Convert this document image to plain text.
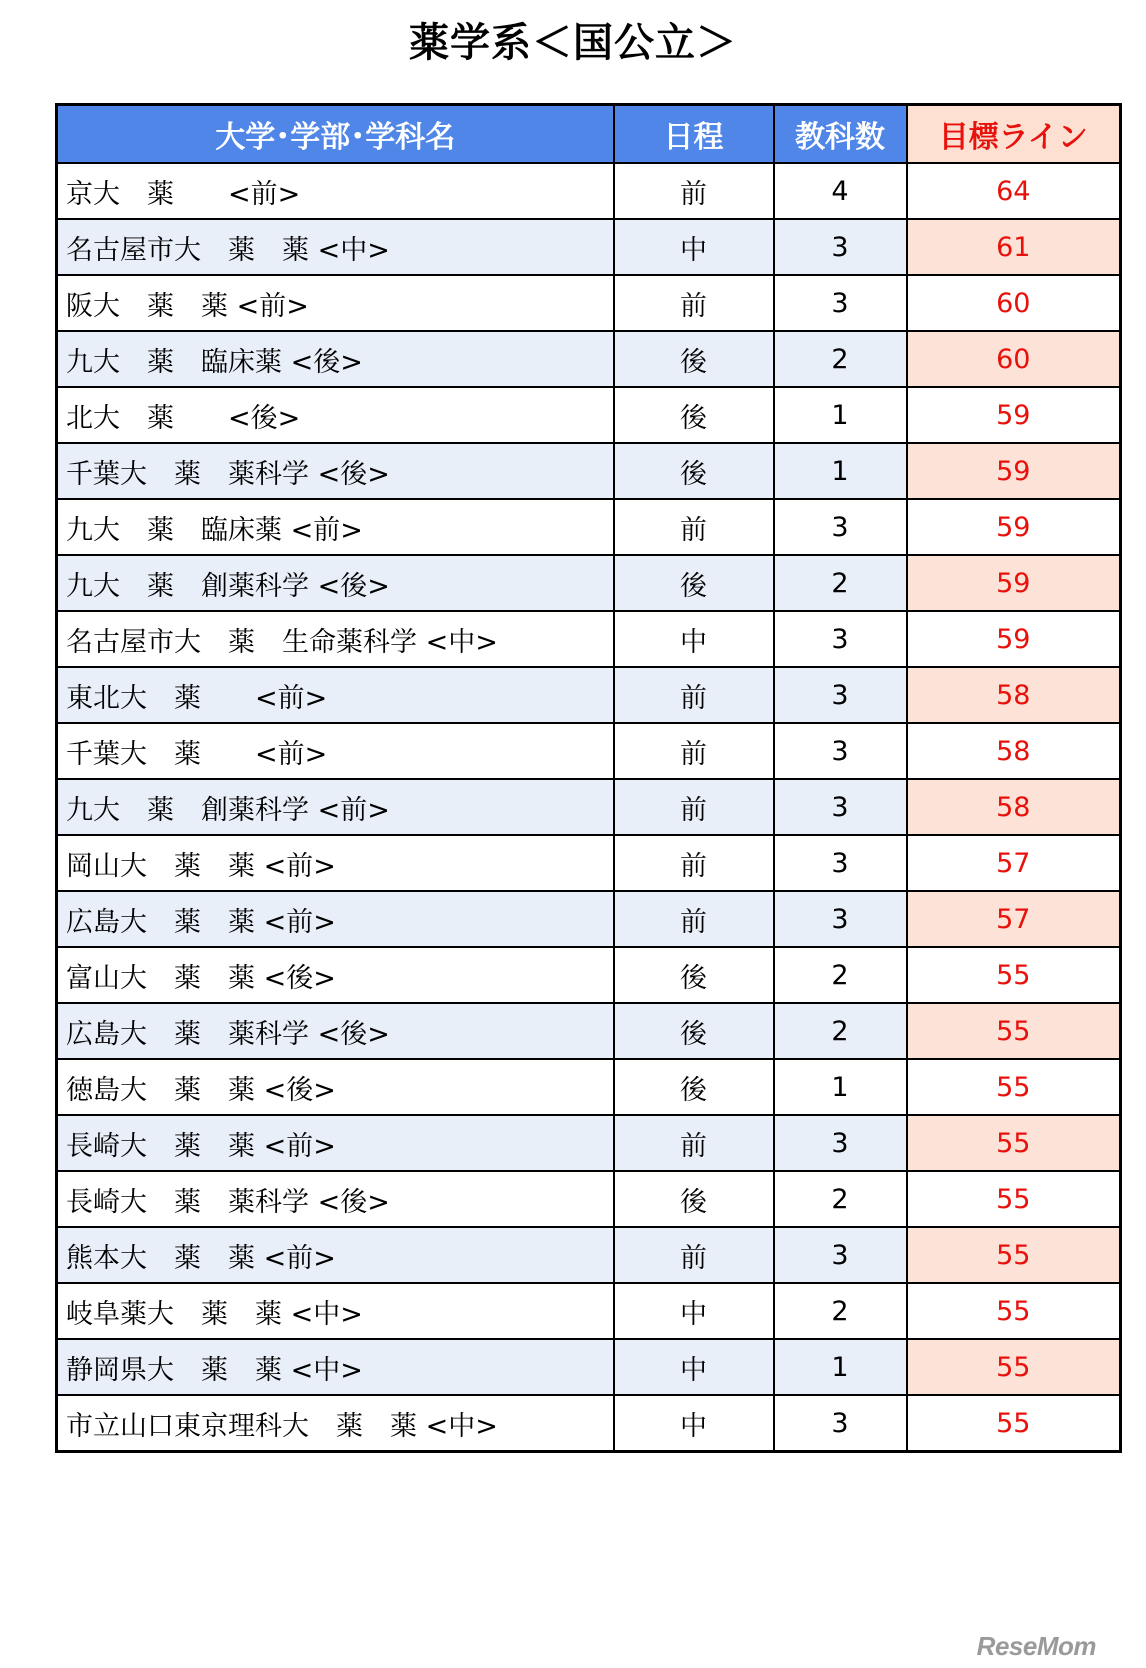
薬学系＜国公立＞
大学･学部･学科名	日程	教科数	目標ライン
京大　薬　　<前>	前	4	64
名古屋市大　薬　薬 <中>	中	3	61
阪大　薬　薬 <前>	前	3	60
九大　薬　臨床薬 <後>	後	2	60
北大　薬　　<後>	後	1	59
千葉大　薬　薬科学 <後>	後	1	59
九大　薬　臨床薬 <前>	前	3	59
九大　薬　創薬科学 <後>	後	2	59
名古屋市大　薬　生命薬科学 <中>	中	3	59
東北大　薬　　<前>	前	3	58
千葉大　薬　　<前>	前	3	58
九大　薬　創薬科学 <前>	前	3	58
岡山大　薬　薬 <前>	前	3	57
広島大　薬　薬 <前>	前	3	57
富山大　薬　薬 <後>	後	2	55
広島大　薬　薬科学 <後>	後	2	55
徳島大　薬　薬 <後>	後	1	55
長崎大　薬　薬 <前>	前	3	55
長崎大　薬　薬科学 <後>	後	2	55
熊本大　薬　薬 <前>	前	3	55
岐阜薬大　薬　薬 <中>	中	2	55
静岡県大　薬　薬 <中>	中	1	55
市立山口東京理科大　薬　薬 <中>	中	3	55
ReseMom
